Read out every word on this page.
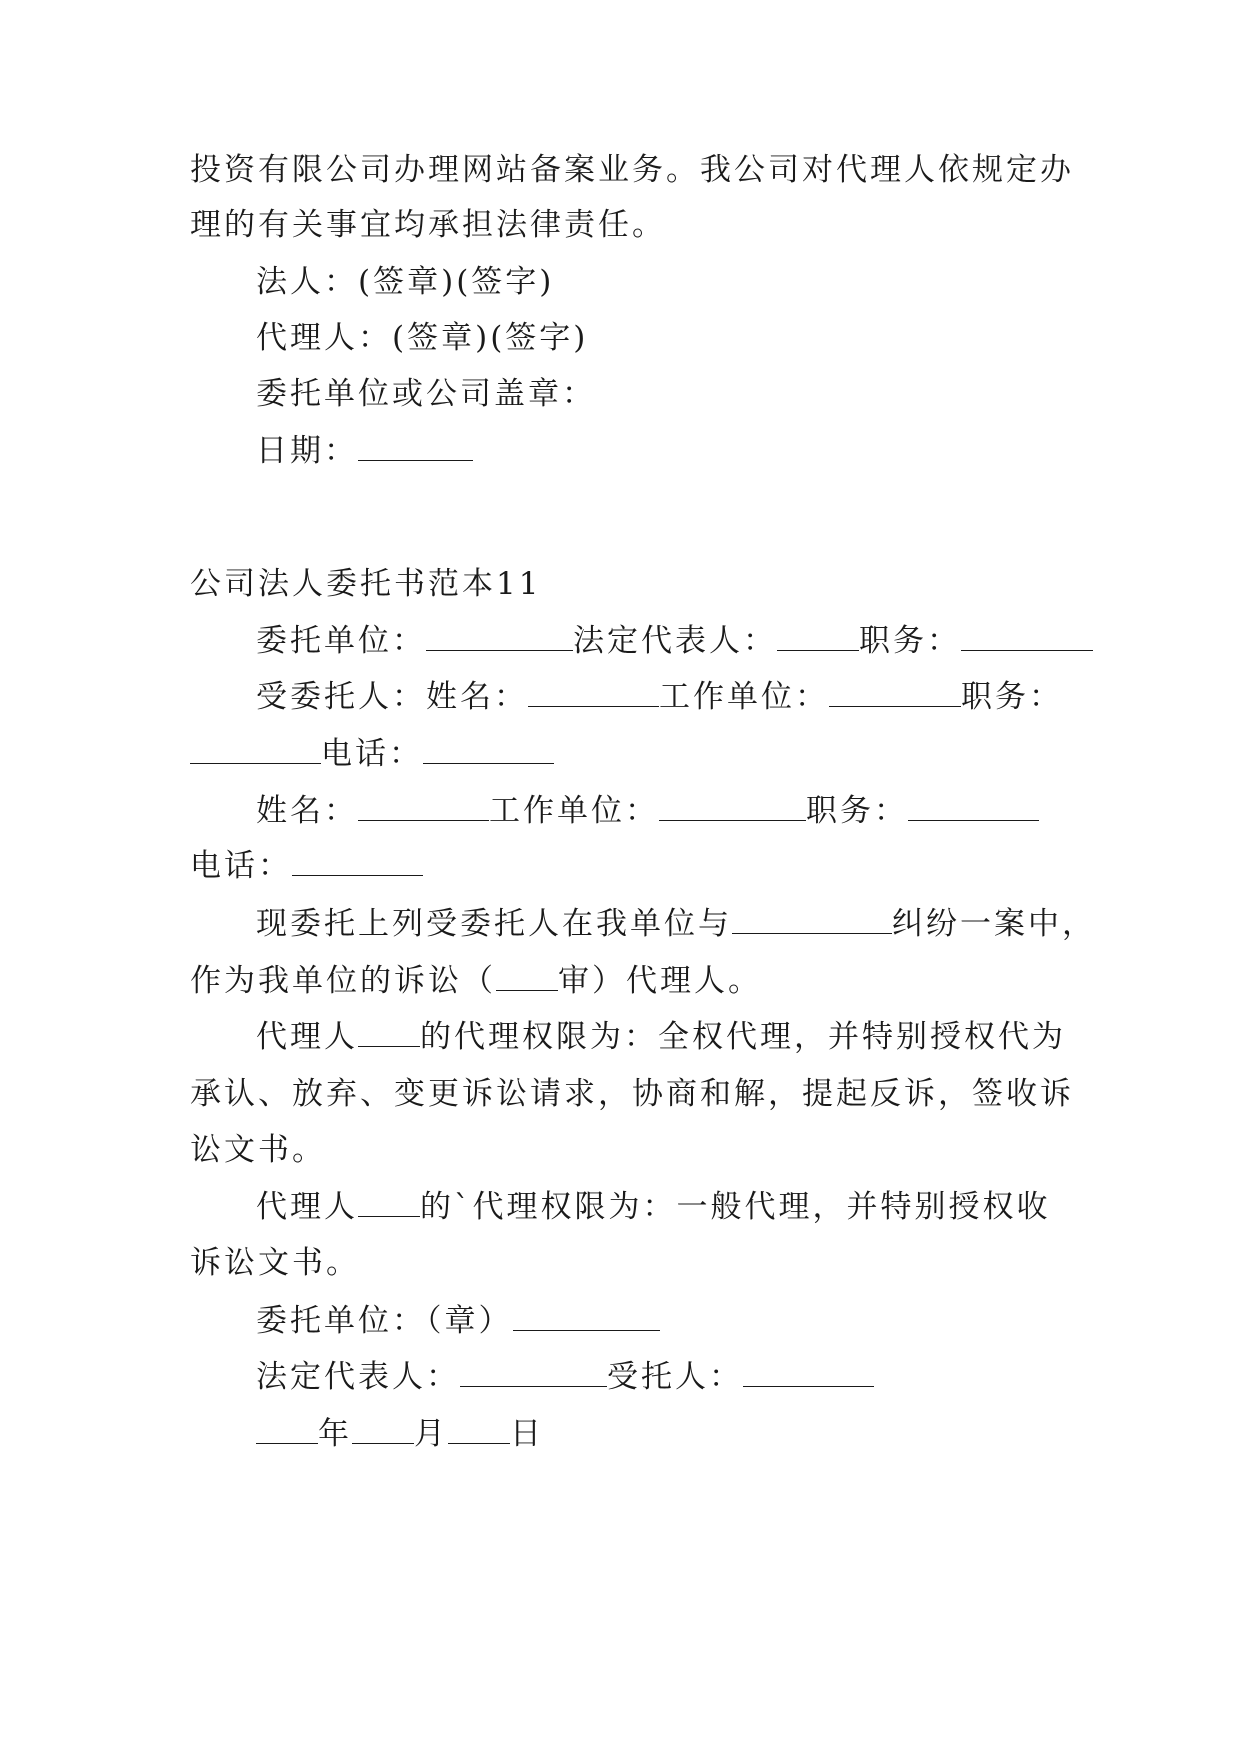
投资有限公司办理网站备案业务。我公司对代理人依规定办
理的有关事宜均承担法律责任。
法人：(签章)(签字)
代理人：(签章)(签字)
委托单位或公司盖章：
日期：
公司法人委托书范本11
委托单位：	法定代表人：	职务：
受委托人：姓名：	工作单位：	职务：
电话：
姓名：	工作单位：	职务：
电话：
现委托上列受委托人在我单位与	纠纷一案中，
作为我单位的诉讼（ 审）代理人。
代理人 的代理权限为：全权代理，并特别授权代为
承认、放弃、变更诉讼请求，协商和解，提起反诉，签收诉
讼文书。
代理人 的`代理权限为：一般代理，并特别授权收
诉讼文书。
委托单位：（章）
法定代表人：	受托人：
年 月 日
